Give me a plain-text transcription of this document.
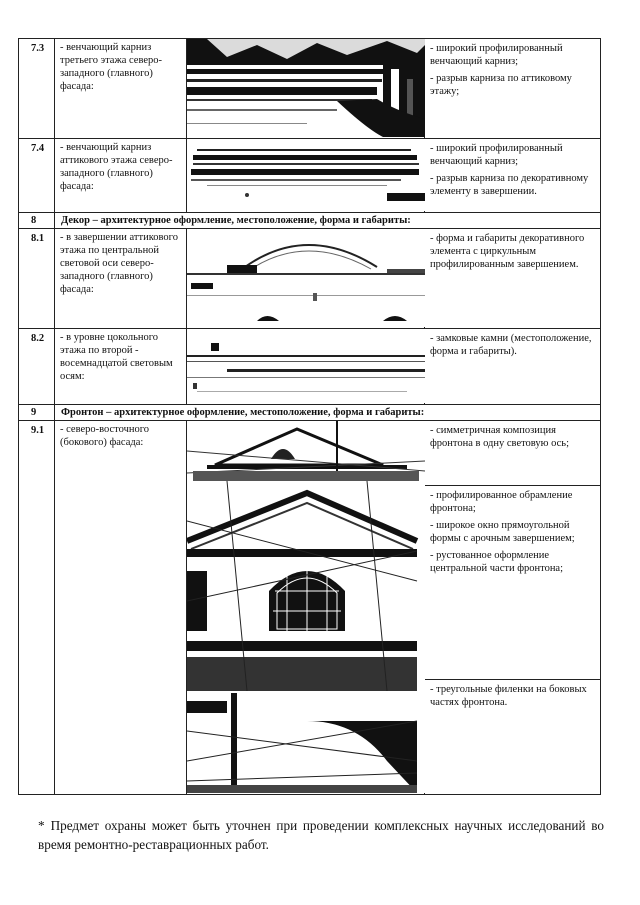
7.3	- венчающий карниз третьего этажа северо-западного (главного) фасада:		- широкий профилированный венчающий карниз;
- разрыв карниза по аттиковому этажу;

7.4	- венчающий карниз аттикового этажа северо-западного (главного) фасада:		- широкий профилированный венчающий карниз;
- разрыв карниза по декоративному элементу в завершении.

8	Декор – архитектурное оформление, местоположение, форма и габариты:		
8.1	- в завершении аттикового этажа по центральной световой оси северо-западного (главного) фасада:		- форма и габариты декоративного элемента с циркульным профилированным завершением.

8.2	- в уровне цокольного этажа по второй - восемнадцатой световым осям:		- замковые камни (местоположение, форма и габариты).

9	Фронтон – архитектурное оформление, местоположение, форма и габариты:		
9.1	- северо-восточного (бокового) фасада:		- симметричная композиция фронтона в одну световую ось;
- профилированное обрамление фронтона;
- широкое окно прямоугольной формы с арочным завершением;
- рустованное оформление центральной части фронтона;
- треугольные филенки на боковых частях фронтона.
* Предмет охраны может быть уточнен при проведении комплексных научных исследований во время ремонтно-реставрационных работ.
